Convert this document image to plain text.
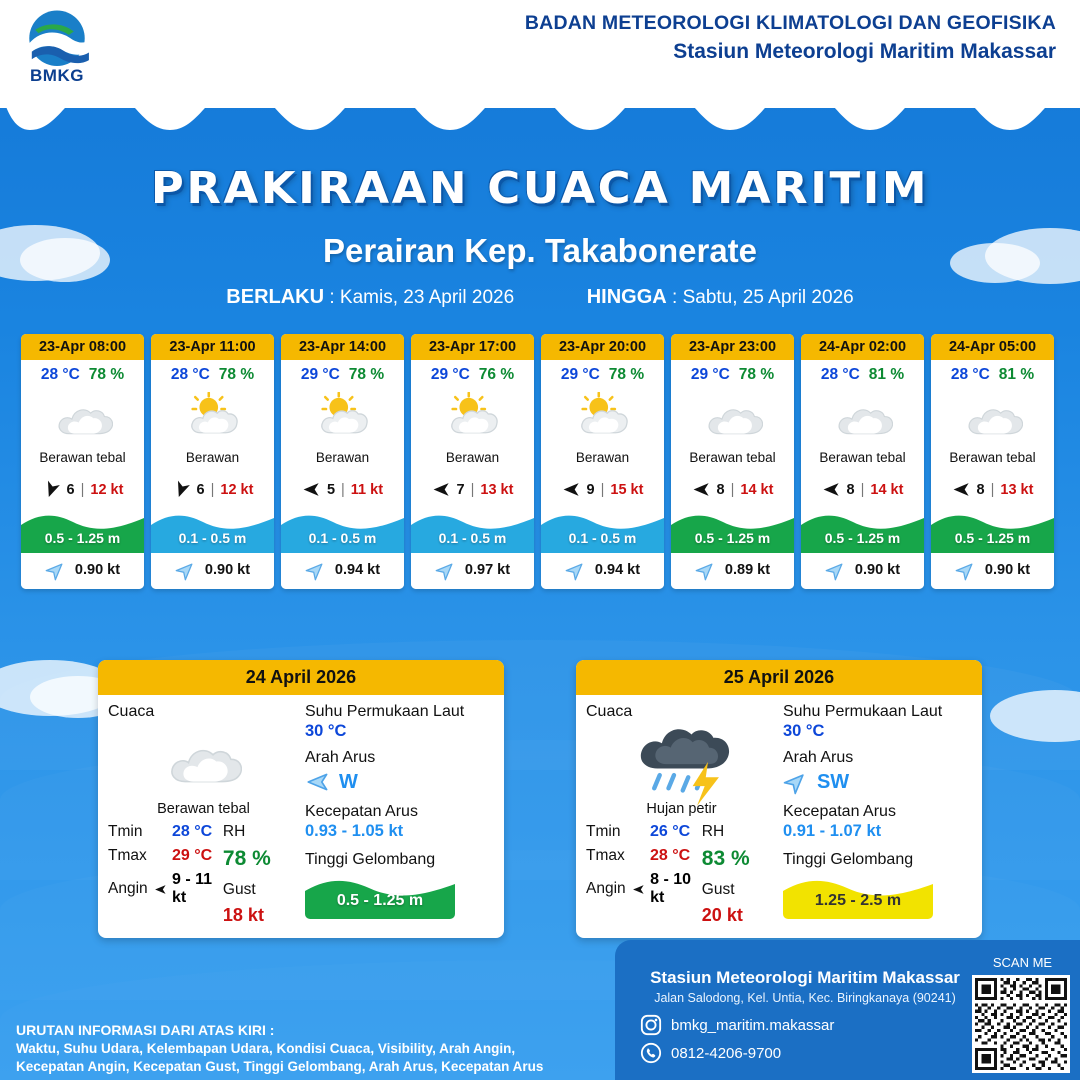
BMKG
BADAN METEOROLOGI KLIMATOLOGI DAN GEOFISIKA
Stasiun Meteorologi Maritim Makassar
PRAKIRAAN CUACA MARITIM
Perairan Kep. Takabonerate
BERLAKU : Kamis, 23 April 2026	HINGGA : Sabtu, 25 April 2026
23-Apr 08:00
28 °C 78 %
Berawan tebal
6 | 12 kt
0.5 - 1.25 m
0.90 kt
23-Apr 11:00
28 °C 78 %
Berawan
6 | 12 kt
0.1 - 0.5 m
0.90 kt
23-Apr 14:00
29 °C 78 %
Berawan
5 | 11 kt
0.1 - 0.5 m
0.94 kt
23-Apr 17:00
29 °C 76 %
Berawan
7 | 13 kt
0.1 - 0.5 m
0.97 kt
23-Apr 20:00
29 °C 78 %
Berawan
9 | 15 kt
0.1 - 0.5 m
0.94 kt
23-Apr 23:00
29 °C 78 %
Berawan tebal
8 | 14 kt
0.5 - 1.25 m
0.89 kt
24-Apr 02:00
28 °C 81 %
Berawan tebal
8 | 14 kt
0.5 - 1.25 m
0.90 kt
24-Apr 05:00
28 °C 81 %
Berawan tebal
8 | 13 kt
0.5 - 1.25 m
0.90 kt
24 April 2026
Cuaca
Berawan tebal
Tmin	28 °C
Tmax	29 °C
Angin
9 - 11 kt
RH
78 %
Gust
18 kt
Suhu Permukaan Laut
30 °C
Arah Arus
W
Kecepatan Arus
0.93 - 1.05 kt
Tinggi Gelombang
0.5 - 1.25 m
25 April 2026
Cuaca
Hujan petir
Tmin	26 °C
Tmax	28 °C
Angin
8 - 10 kt
RH
83 %
Gust
20 kt
Suhu Permukaan Laut
30 °C
Arah Arus
SW
Kecepatan Arus
0.91 - 1.07 kt
Tinggi Gelombang
1.25 - 2.5 m
Stasiun Meteorologi Maritim Makassar
Jalan Salodong, Kel. Untia, Kec. Biringkanaya (90241)
bmkg_maritim.makassar
0812-4206-9700
SCAN ME
URUTAN INFORMASI DARI ATAS KIRI :
Waktu, Suhu Udara, Kelembapan Udara, Kondisi Cuaca, Visibility, Arah Angin,
Kecepatan Angin, Kecepatan Gust, Tinggi Gelombang, Arah Arus, Kecepatan Arus
